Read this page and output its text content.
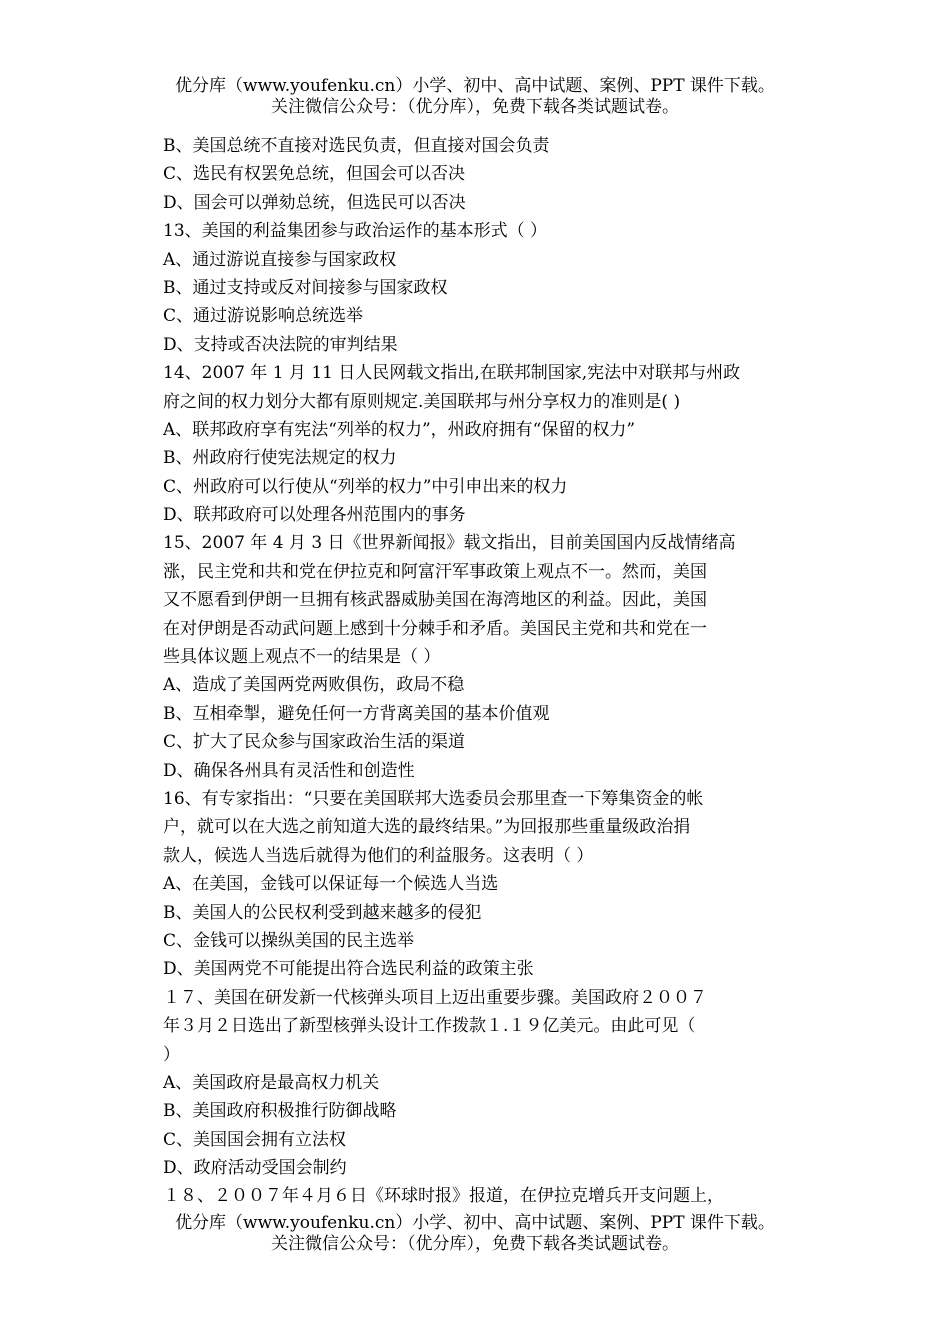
优分库（www.youfenku.cn）小学、初中、高中试题、案例、PPT 课件下载。
关注微信公众号：（优分库），免费下载各类试题试卷。
B、美国总统不直接对选民负责，但直接对国会负责
C、选民有权罢免总统，但国会可以否决
D、国会可以弹劾总统，但选民可以否决
13、美国的利益集团参与政治运作的基本形式（ ）
A、通过游说直接参与国家政权
B、通过支持或反对间接参与国家政权
C、通过游说影响总统选举
D、支持或否决法院的审判结果
14、2007 年 1 月 11 日人民网载文指出,在联邦制国家,宪法中对联邦与州政
府之间的权力划分大都有原则规定.美国联邦与州分享权力的准则是( )
A、联邦政府享有宪法“列举的权力”，州政府拥有“保留的权力”
B、州政府行使宪法规定的权力
C、州政府可以行使从“列举的权力”中引申出来的权力
D、联邦政府可以处理各州范围内的事务
15、2007 年 4 月 3 日《世界新闻报》载文指出，目前美国国内反战情绪高
涨，民主党和共和党在伊拉克和阿富汗军事政策上观点不一。然而，美国
又不愿看到伊朗一旦拥有核武器威胁美国在海湾地区的利益。因此，美国
在对伊朗是否动武问题上感到十分棘手和矛盾。美国民主党和共和党在一
些具体议题上观点不一的结果是（ ）
A、造成了美国两党两败俱伤，政局不稳
B、互相牵掣，避免任何一方背离美国的基本价值观
C、扩大了民众参与国家政治生活的渠道
D、确保各州具有灵活性和创造性
16、有专家指出：“只要在美国联邦大选委员会那里查一下筹集资金的帐
户，就可以在大选之前知道大选的最终结果。”为回报那些重量级政治捐
款人，候选人当选后就得为他们的利益服务。这表明（ ）
A、在美国，金钱可以保证每一个候选人当选
B、美国人的公民权利受到越来越多的侵犯
C、金钱可以操纵美国的民主选举
D、美国两党不可能提出符合选民利益的政策主张
１７、美国在研发新一代核弹头项目上迈出重要步骤。美国政府２００７
年３月２日选出了新型核弹头设计工作拨款１.１９亿美元。由此可见（
）
A、美国政府是最高权力机关
B、美国政府积极推行防御战略
C、美国国会拥有立法权
D、政府活动受国会制约
１８、２００７年４月６日《环球时报》报道，在伊拉克增兵开支问题上，
优分库（www.youfenku.cn）小学、初中、高中试题、案例、PPT 课件下载。
关注微信公众号：（优分库），免费下载各类试题试卷。
